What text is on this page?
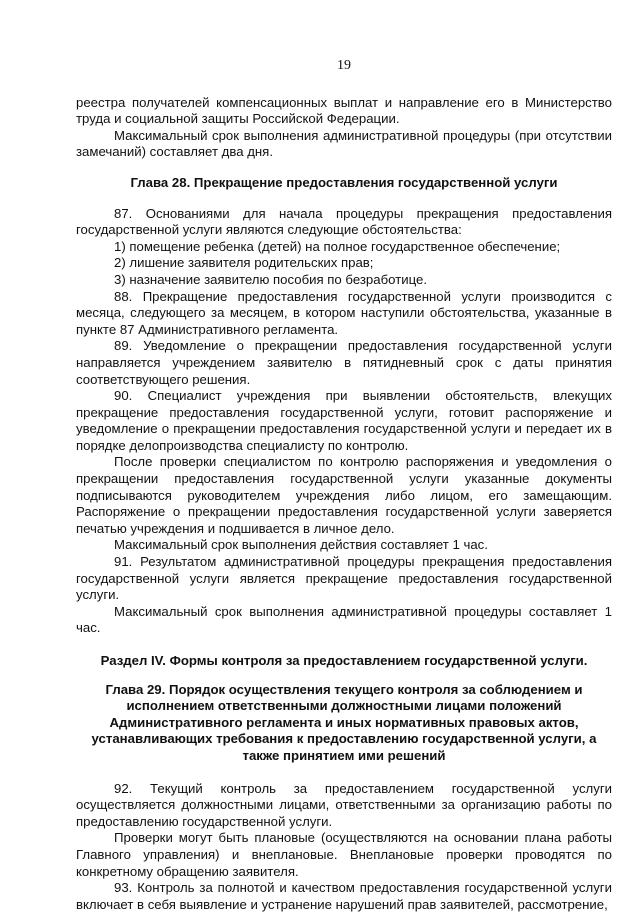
19

реестра получателей компенсационных выплат и направление его в Министерство труда и социальной защиты Российской Федерации.

Максимальный срок выполнения административной процедуры (при отсутствии замечаний) составляет два дня.

Глава 28. Прекращение предоставления государственной услуги

87. Основаниями для начала процедуры прекращения предоставления государственной услуги являются следующие обстоятельства:

1) помещение ребенка (детей) на полное государственное обеспечение;

2) лишение заявителя родительских прав;

3) назначение заявителю пособия по безработице.

88. Прекращение предоставления государственной услуги производится с месяца, следующего за месяцем, в котором наступили обстоятельства, указанные в пункте 87 Административного регламента.

89. Уведомление о прекращении предоставления государственной услуги направляется учреждением заявителю в пятидневный срок с даты принятия соответствующего решения.

90. Специалист учреждения при выявлении обстоятельств, влекущих прекращение предоставления государственной услуги, готовит распоряжение и уведомление о прекращении предоставления государственной услуги и передает их в порядке делопроизводства специалисту по контролю.

После проверки специалистом по контролю распоряжения и уведомления о прекращении предоставления государственной услуги указанные документы подписываются руководителем учреждения либо лицом, его замещающим. Распоряжение о прекращении предоставления государственной услуги заверяется печатью учреждения и подшивается в личное дело.

Максимальный срок выполнения действия составляет 1 час.

91. Результатом административной процедуры прекращения предоставления государственной услуги является прекращение предоставления государственной услуги.

Максимальный срок выполнения административной процедуры составляет 1 час.

Раздел IV. Формы контроля за предоставлением государственной услуги.

Глава 29. Порядок осуществления текущего контроля за соблюдением и исполнением ответственными должностными лицами положений Административного регламента и иных нормативных правовых актов, устанавливающих требования к предоставлению государственной услуги, а также принятием ими решений

92. Текущий контроль за предоставлением государственной услуги осуществляется должностными лицами, ответственными за организацию работы по предоставлению государственной услуги.

Проверки могут быть плановые (осуществляются на основании плана работы Главного управления) и внеплановые. Внеплановые проверки проводятся по конкретному обращению заявителя.

93. Контроль за полнотой и качеством предоставления государственной услуги включает в себя выявление и устранение нарушений прав заявителей, рассмотрение,
